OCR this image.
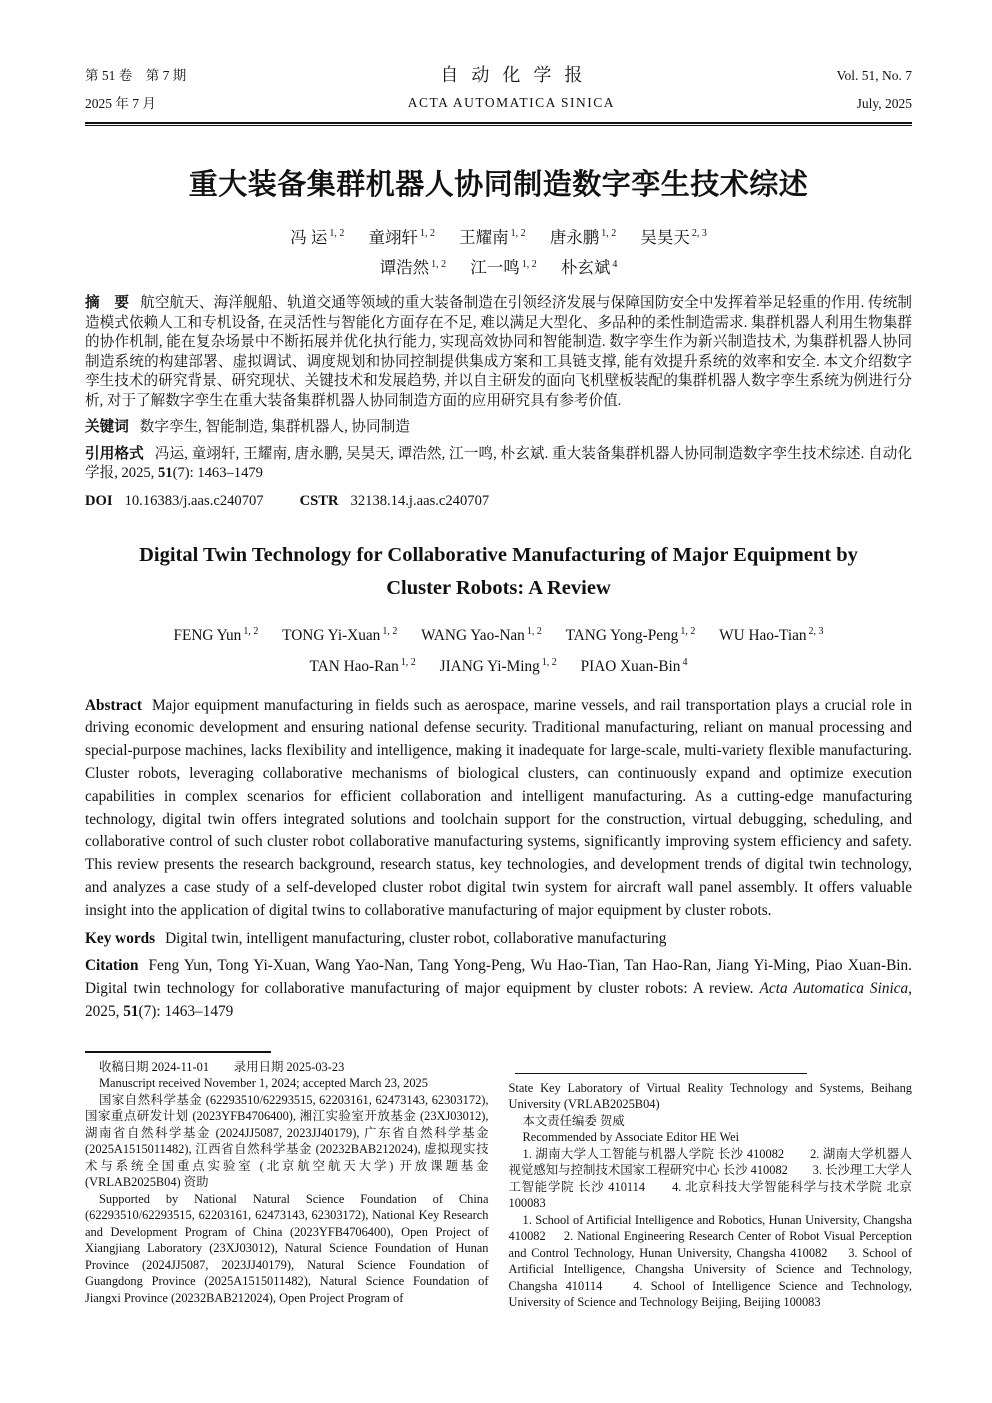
第 51 卷　第 7 期
2025 年 7 月
自动化学报
ACTA AUTOMATICA SINICA
Vol. 51, No. 7
July, 2025
重大装备集群机器人协同制造数字孪生技术综述
冯 运 $^{1, 2}$ 童翊轩 $^{1, 2}$ 王耀南 $^{1, 2}$ 唐永鹏 $^{1, 2}$ 吴昊天 $^{2, 3}$
谭浩然 $^{1, 2}$ 江一鸣 $^{1, 2}$ 朴玄斌 $^4$

摘　要 航空航天、海洋舰船、轨道交通等领域的重大装备制造在引领经济发展与保障国防安全中发挥着举足轻重的作用. 传统制造模式依赖人工和专机设备, 在灵活性与智能化方面存在不足, 难以满足大型化、多品种的柔性制造需求. 集群机器人利用生物集群的协作机制, 能在复杂场景中不断拓展并优化执行能力, 实现高效协同和智能制造. 数字孪生作为新兴制造技术, 为集群机器人协同制造系统的构建部署、虚拟调试、调度规划和协同控制提供集成方案和工具链支撑, 能有效提升系统的效率和安全. 本文介绍数字孪生技术的研究背景、研究现状、关键技术和发展趋势, 并以自主研发的面向飞机壁板装配的集群机器人数字孪生系统为例进行分析, 对于了解数字孪生在重大装备集群机器人协同制造方面的应用研究具有参考价值.

关键词 数字孪生, 智能制造, 集群机器人, 协同制造

引用格式 冯运, 童翊轩, 王耀南, 唐永鹏, 吴昊天, 谭浩然, 江一鸣, 朴玄斌. 重大装备集群机器人协同制造数字孪生技术综述. 自动化学报, 2025, 51(7): 1463–1479

DOI 10.16383/j.aas.c240707 CSTR 32138.14.j.aas.c240707

Digital Twin Technology for Collaborative Manufacturing of Major Equipment by
Cluster Robots: A Review
FENG Yun $^{1, 2}$ TONG Yi-Xuan $^{1, 2}$ WANG Yao-Nan $^{1, 2}$ TANG Yong-Peng $^{1, 2}$ WU Hao-Tian $^{2, 3}$
TAN Hao-Ran $^{1, 2}$ JIANG Yi-Ming $^{1, 2}$ PIAO Xuan-Bin $^4$

Abstract Major equipment manufacturing in fields such as aerospace, marine vessels, and rail transportation plays a crucial role in driving economic development and ensuring national defense security. Traditional manufacturing, reliant on manual processing and special-purpose machines, lacks flexibility and intelligence, making it inadequate for large-scale, multi-variety flexible manufacturing. Cluster robots, leveraging collaborative mechanisms of biological clusters, can continuously expand and optimize execution capabilities in complex scenarios for efficient collaboration and intelligent manufacturing. As a cutting-edge manufacturing technology, digital twin offers integrated solutions and toolchain support for the construction, virtual debugging, scheduling, and collaborative control of such cluster robot collaborative manufacturing systems, significantly improving system efficiency and safety. This review presents the research background, research status, key technologies, and development trends of digital twin technology, and analyzes a case study of a self-developed cluster robot digital twin system for aircraft wall panel assembly. It offers valuable insight into the application of digital twins to collaborative manufacturing of major equipment by cluster robots.

Key words Digital twin, intelligent manufacturing, cluster robot, collaborative manufacturing

Citation Feng Yun, Tong Yi-Xuan, Wang Yao-Nan, Tang Yong-Peng, Wu Hao-Tian, Tan Hao-Ran, Jiang Yi-Ming, Piao Xuan-Bin. Digital twin technology for collaborative manufacturing of major equipment by cluster robots: A review. Acta Automatica Sinica, 2025, 51(7): 1463–1479

收稿日期 2024-11-01　　录用日期 2025-03-23

Manuscript received November 1, 2024; accepted March 23, 2025

国家自然科学基金 (62293510/62293515, 62203161, 62473143, 62303172), 国家重点研发计划 (2023YFB4706400), 湘江实验室开放基金 (23XJ03012), 湖南省自然科学基金 (2024JJ5087, 2023JJ40179), 广东省自然科学基金 (2025A1515011482), 江西省自然科学基金 (20232BAB212024), 虚拟现实技术与系统全国重点实验室 (北京航空航天大学) 开放课题基金 (VRLAB2025B04) 资助

Supported by National Natural Science Foundation of China (62293510/62293515, 62203161, 62473143, 62303172), National Key Research and Development Program of China (2023YFB4706400), Open Project of Xiangjiang Laboratory (23XJ03012), Natural Science Foundation of Hunan Province (2024JJ5087, 2023JJ40179), Natural Science Foundation of Guangdong Province (2025A1515011482), Natural Science Foundation of Jiangxi Province (20232BAB212024), Open Project Program of

State Key Laboratory of Virtual Reality Technology and Systems, Beihang University (VRLAB2025B04)

本文责任编委 贺威

Recommended by Associate Editor HE Wei

1. 湖南大学人工智能与机器人学院 长沙 410082　　2. 湖南大学机器人视觉感知与控制技术国家工程研究中心 长沙 410082　　3. 长沙理工大学人工智能学院 长沙 410114　　4. 北京科技大学智能科学与技术学院 北京 100083

1. School of Artificial Intelligence and Robotics, Hunan University, Changsha 410082　 2. National Engineering Research Center of Robot Visual Perception and Control Technology, Hunan University, Changsha 410082　 3. School of Artificial Intelligence, Changsha University of Science and Technology, Changsha 410114　 4. School of Intelligence Science and Technology, University of Science and Technology Beijing, Beijing 100083
